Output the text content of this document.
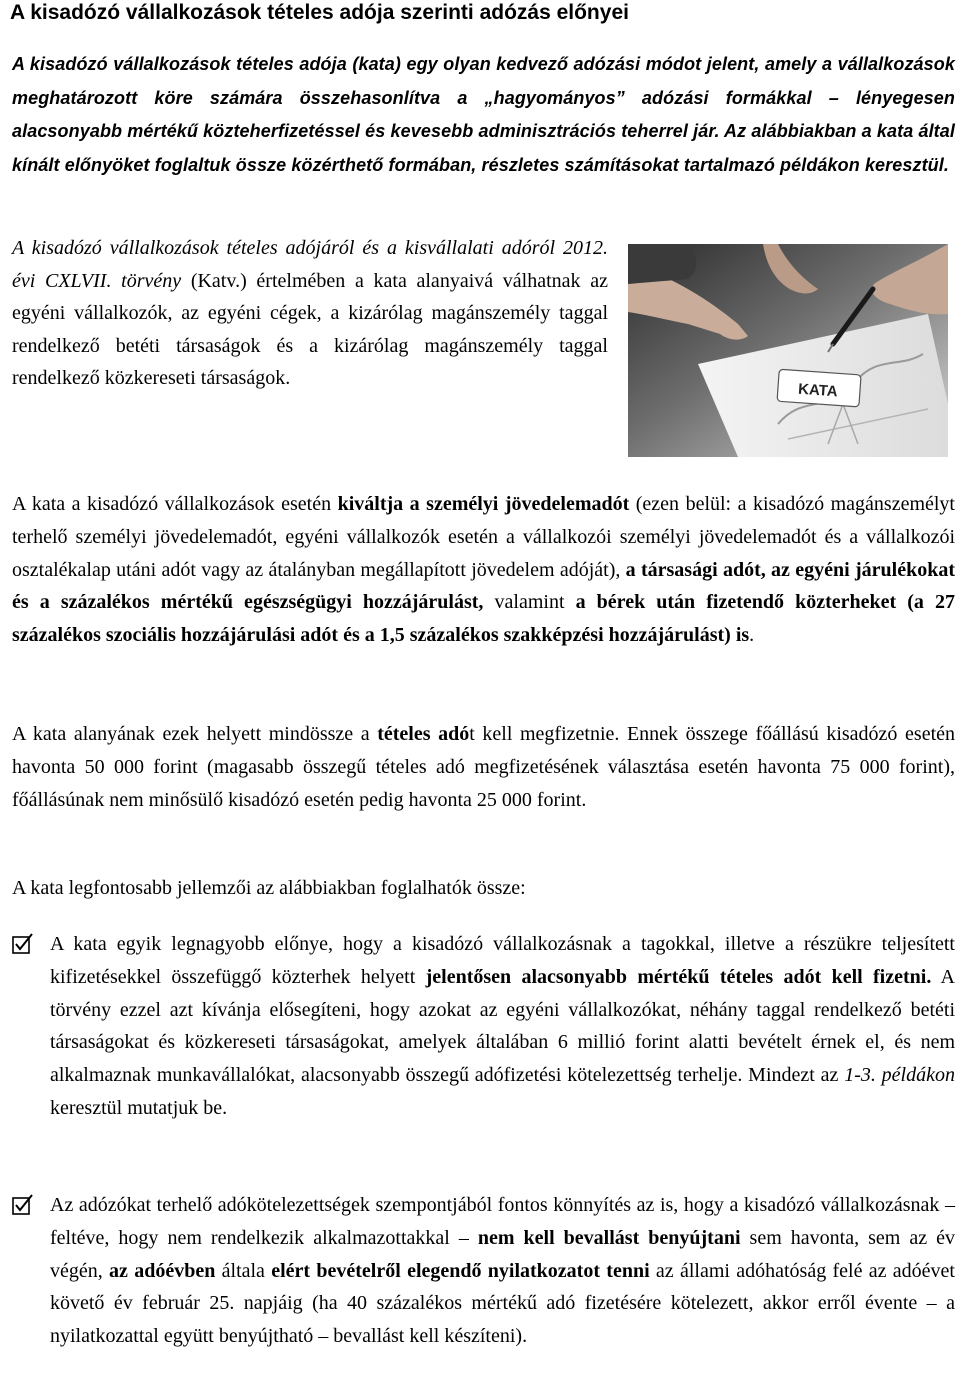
A kisadózó vállalkozások tételes adója szerinti adózás előnyei

A kisadózó vállalkozások tételes adója (kata) egy olyan kedvező adózási módot jelent, amely a vállalkozások meghatározott köre számára összehasonlítva a „hagyományos” adózási formákkal – lényegesen alacsonyabb mértékű közteherfizetéssel és kevesebb adminisztrációs teherrel jár. Az alábbiakban a kata által kínált előnyöket foglaltuk össze közérthető formában, részletes számításokat tartalmazó példákon keresztül.

A kisadózó vállalkozások tételes adójáról és a kisvállalati adóról 2012. évi CXLVII. törvény (Katv.) értelmében a kata alanyaivá válhatnak az egyéni vállalkozók, az egyéni cégek, a kizárólag magánszemély taggal rendelkező betéti társaságok és a kizárólag magánszemély taggal rendelkező közkereseti társaságok.

KATA

A kata a kisadózó vállalkozások esetén kiváltja a személyi jövedelemadót (ezen belül: a kisadózó magánszemélyt terhelő személyi jövedelemadót, egyéni vállalkozók esetén a vállalkozói személyi jövedelemadót és a vállalkozói osztalékalap utáni adót vagy az átalányban megállapított jövedelem adóját), a társasági adót, az egyéni járulékokat és a százalékos mértékű egészségügyi hozzájárulást, valamint a bérek után fizetendő közterheket (a 27 százalékos szociális hozzájárulási adót és a 1,5 százalékos szakképzési hozzájárulást) is.

A kata alanyának ezek helyett mindössze a tételes adót kell megfizetnie. Ennek összege főállású kisadózó esetén havonta 50 000 forint (magasabb összegű tételes adó megfizetésének választása esetén havonta 75 000 forint), főállásúnak nem minősülő kisadózó esetén pedig havonta 25 000 forint.

A kata legfontosabb jellemzői az alábbiakban foglalhatók össze:

A kata egyik legnagyobb előnye, hogy a kisadózó vállalkozásnak a tagokkal, illetve a részükre teljesített kifizetésekkel összefüggő közterhek helyett jelentősen alacsonyabb mértékű tételes adót kell fizetni. A törvény ezzel azt kívánja elősegíteni, hogy azokat az egyéni vállalkozókat, néhány taggal rendelkező betéti társaságokat és közkereseti társaságokat, amelyek általában 6 millió forint alatti bevételt érnek el, és nem alkalmaznak munkavállalókat, alacsonyabb összegű adófizetési kötelezettség terhelje. Mindezt az 1-3. példákon keresztül mutatjuk be.

Az adózókat terhelő adókötelezettségek szempontjából fontos könnyítés az is, hogy a kisadózó vállalkozásnak – feltéve, hogy nem rendelkezik alkalmazottakkal – nem kell bevallást benyújtani sem havonta, sem az év végén, az adóévben általa elért bevételről elegendő nyilatkozatot tenni az állami adóhatóság felé az adóévet követő év február 25. napjáig (ha 40 százalékos mértékű adó fizetésére kötelezett, akkor erről évente – a nyilatkozattal együtt benyújtható – bevallást kell készíteni).
